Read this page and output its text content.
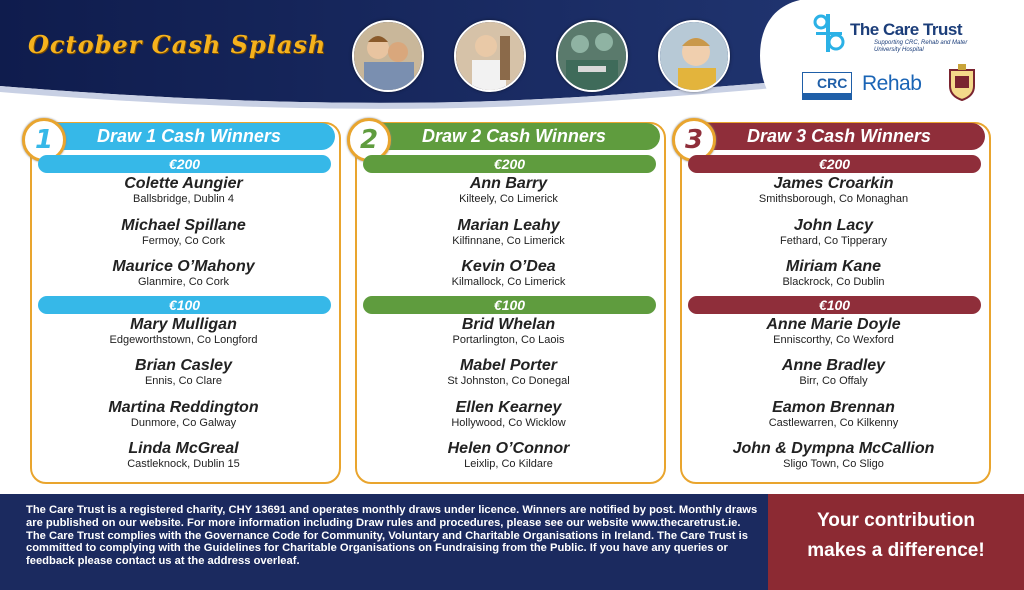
October Cash Splash
The Care Trust
Supporting CRC, Rehab and Mater University Hospital
CRC Rehab
Draw 1 Cash Winners
1
€200
Colette Aungier
Ballsbridge, Dublin 4
Michael Spillane
Fermoy, Co Cork
Maurice O’Mahony
Glanmire, Co Cork
€100
Mary Mulligan
Edgeworthstown, Co Longford
Brian Casley
Ennis, Co Clare
Martina Reddington
Dunmore, Co Galway
Linda McGreal
Castleknock, Dublin 15
Draw 2 Cash Winners
2
€200
Ann Barry
Kilteely, Co Limerick
Marian Leahy
Kilfinnane, Co Limerick
Kevin O’Dea
Kilmallock, Co Limerick
€100
Brid Whelan
Portarlington, Co Laois
Mabel Porter
St Johnston, Co Donegal
Ellen Kearney
Hollywood, Co Wicklow
Helen O’Connor
Leixlip, Co Kildare
Draw 3 Cash Winners
3
€200
James Croarkin
Smithsborough, Co Monaghan
John Lacy
Fethard, Co Tipperary
Miriam Kane
Blackrock, Co Dublin
€100
Anne Marie Doyle
Enniscorthy, Co Wexford
Anne Bradley
Birr, Co Offaly
Eamon Brennan
Castlewarren, Co Kilkenny
John & Dympna McCallion
Sligo Town, Co Sligo
The Care Trust is a registered charity, CHY 13691 and operates monthly draws under licence. Winners are notified by post. Monthly draws are published on our website. For more information including Draw rules and procedures, please see our website www.thecaretrust.ie. The Care Trust complies with the Governance Code for Community, Voluntary and Charitable Organisations in Ireland. The Care Trust is committed to complying with the Guidelines for Charitable Organisations on Fundraising from the Public. If you have any queries or feedback please contact us at the address overleaf.
Your contribution
makes a difference!
